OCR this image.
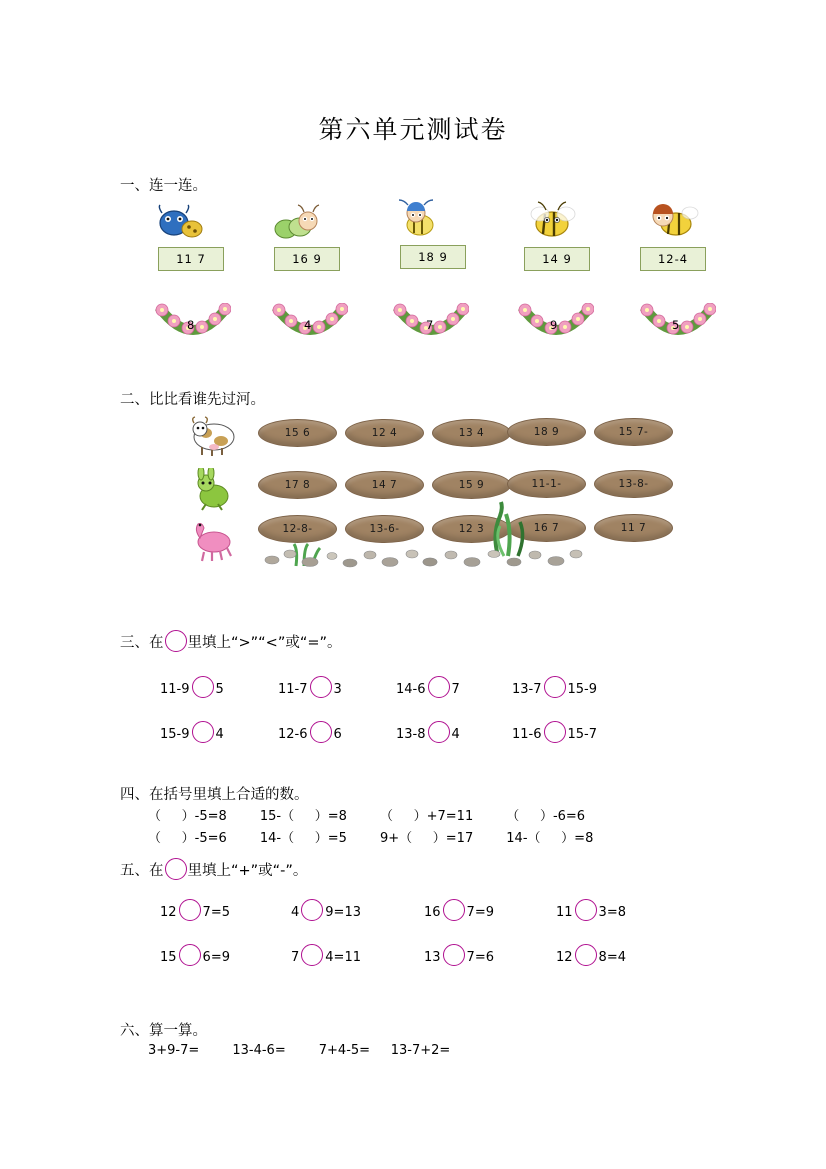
第六单元测试卷
一、连一连。
11 7	16 9	18 9	14 9	12-4
8	4	7	9	5
二、比比看谁先过河。
15 6	12 4	13 4	18 9	15 7-
17 8	14 7	15 9	11-1-	13-8-
12-8-	13-6-	12 3	16 7	11 7
三、在 里填上“>”“<”或“=”。
11-9 5	11-7 3	14-6 7	13-7 15-9
15-9 4	12-6 6	13-8 4	11-6 15-7
四、在括号里填上合适的数。
（     ）-5=8        15-（     ）=8        （     ）+7=11        （     ）-6=6
（     ）-5=6        14-（     ）=5        9+（     ）=17        14-（     ）=8
五、在 里填上“+”或“-”。
12 7=5	4 9=13	16 7=9	11 3=8
15 6=9	7 4=11	13 7=6	12 8=4
六、算一算。
3+9-7=        13-4-6=        7+4-5=     13-7+2=
